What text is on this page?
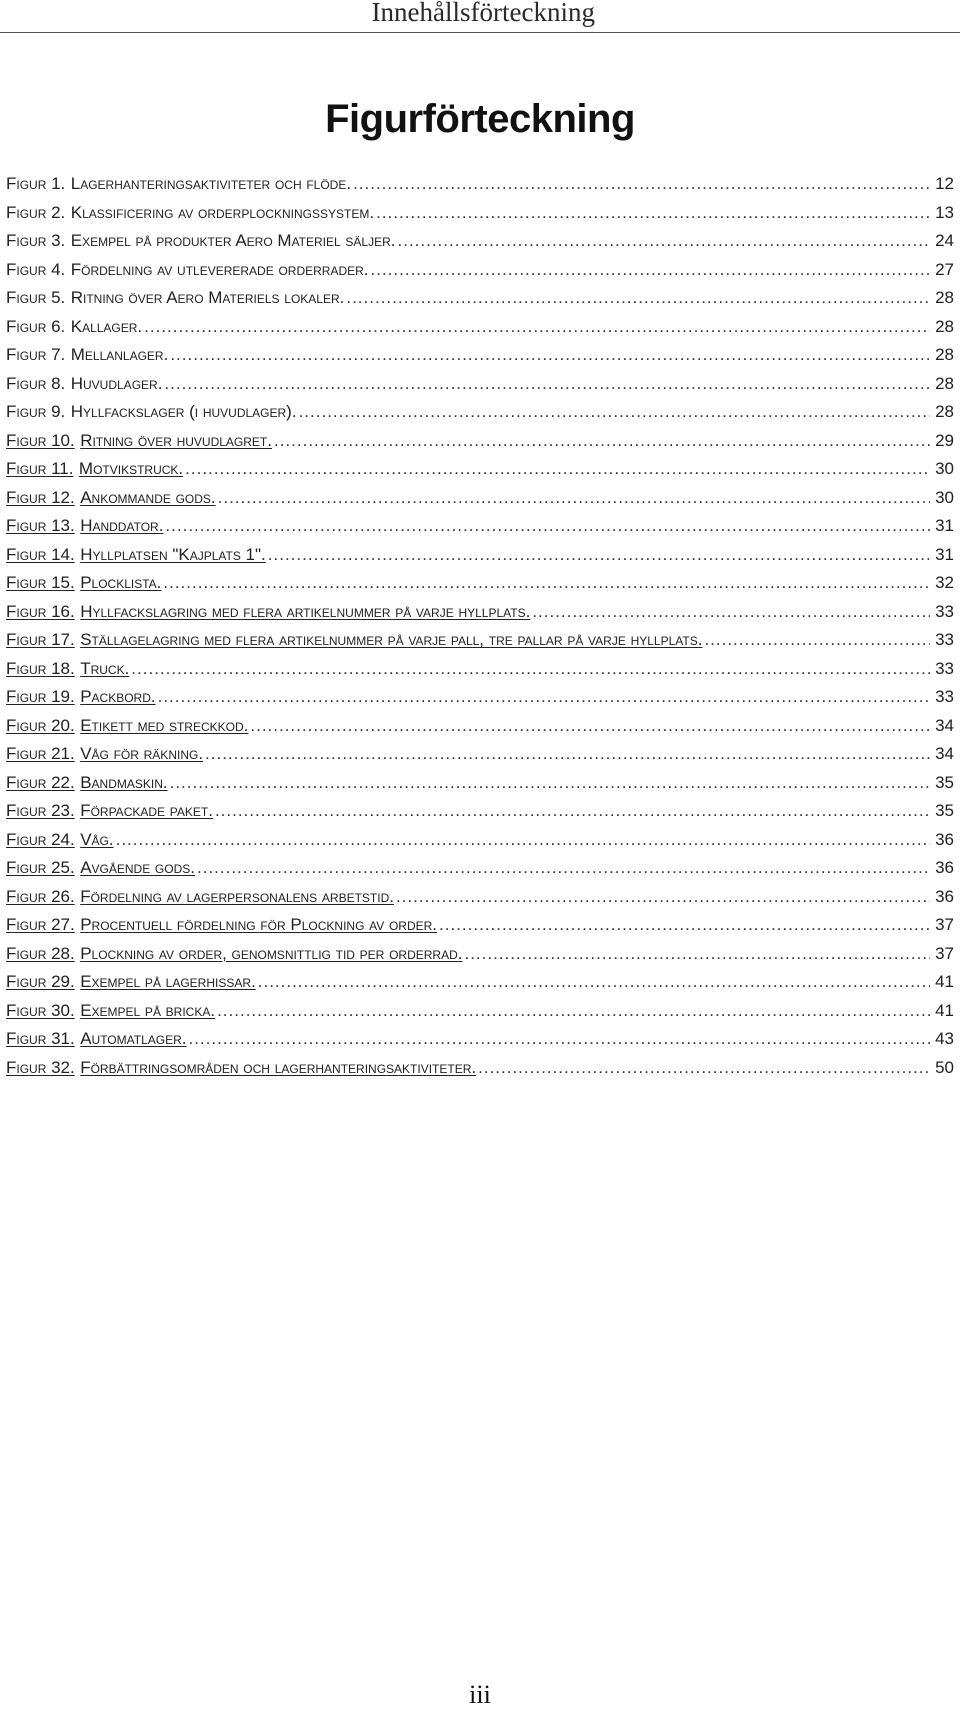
Innehållsförteckning
Figurförteckning
Figur 1. Lagerhanteringsaktiviteter och flöde. .....	12
Figur 2. Klassificering av orderplockningssystem. .....	13
Figur 3. Exempel på produkter Aero Materiel säljer. .....	24
Figur 4. Fördelning av utlevererade orderrader. .....	27
Figur 5. Ritning över Aero Materiels lokaler. .....	28
Figur 6. Kallager. .....	28
Figur 7. Mellanlager. .....	28
Figur 8. Huvudlager. .....	28
Figur 9. Hyllfackslager (i huvudlager). .....	28
Figur 10. Ritning över huvudlagret. .....	29
Figur 11. Motvikstruck. .....	30
Figur 12. Ankommande gods. .....	30
Figur 13. Handdator. .....	31
Figur 14. Hyllplatsen "Kajplats 1". .....	31
Figur 15. Plocklista. .....	32
Figur 16. Hyllfackslagring med flera artikelnummer på varje hyllplats. .....	33
Figur 17. Ställagelagring med flera artikelnummer på varje pall, tre pallar på varje hyllplats. .....	33
Figur 18. Truck. .....	33
Figur 19. Packbord. .....	33
Figur 20. Etikett med streckkod. .....	34
Figur 21. Våg för räkning. .....	34
Figur 22. Bandmaskin. .....	35
Figur 23. Förpackade paket. .....	35
Figur 24. Våg. .....	36
Figur 25. Avgående gods. .....	36
Figur 26. Fördelning av lagerpersonalens arbetstid. .....	36
Figur 27. Procentuell fördelning för Plockning av order. .....	37
Figur 28. Plockning av order, genomsnittlig tid per orderrad. .....	37
Figur 29. Exempel på lagerhissar. .....	41
Figur 30. Exempel på bricka. .....	41
Figur 31. Automatlager. .....	43
Figur 32. Förbättringsområden och lagerhanteringsaktiviteter. .....	50
iii
